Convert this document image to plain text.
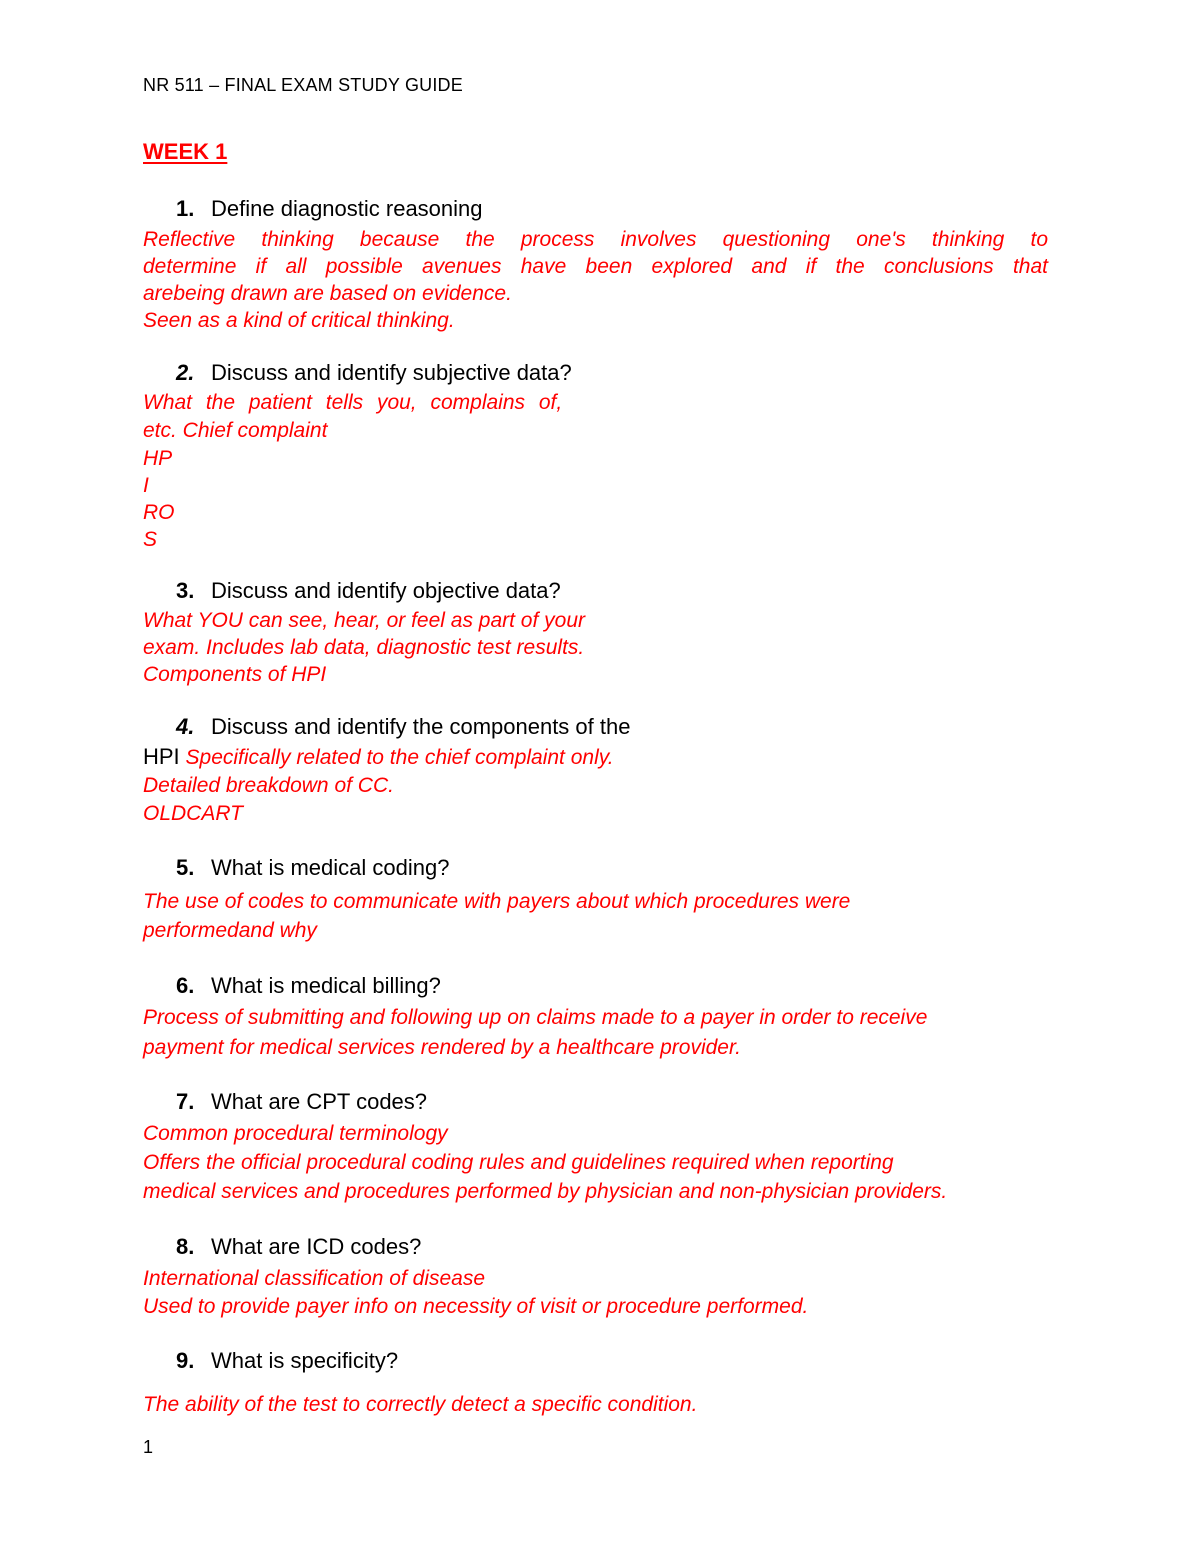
NR 511 – FINAL EXAM STUDY GUIDE
WEEK 1
1. Define diagnostic reasoning
Reflective thinking because the process involves questioning one's thinking to
determine if all possible avenues have been explored and if the conclusions that
arebeing drawn are based on evidence.
Seen as a kind of critical thinking.
2. Discuss and identify subjective data?
What the patient tells you, complains of,
etc. Chief complaint
HP
I
RO
S
3. Discuss and identify objective data?
What YOU can see, hear, or feel as part of your
exam. Includes lab data, diagnostic test results.
Components of HPI
4. Discuss and identify the components of the
HPI Specifically related to the chief complaint only.
Detailed breakdown of CC.
OLDCART
5. What is medical coding?
The use of codes to communicate with payers about which procedures were
performedand why
6. What is medical billing?
Process of submitting and following up on claims made to a payer in order to receive
payment for medical services rendered by a healthcare provider.
7. What are CPT codes?
Common procedural terminology
Offers the official procedural coding rules and guidelines required when reporting
medical services and procedures performed by physician and non-physician providers.
8. What are ICD codes?
International classification of disease
Used to provide payer info on necessity of visit or procedure performed.
9. What is specificity?
The ability of the test to correctly detect a specific condition.
1
